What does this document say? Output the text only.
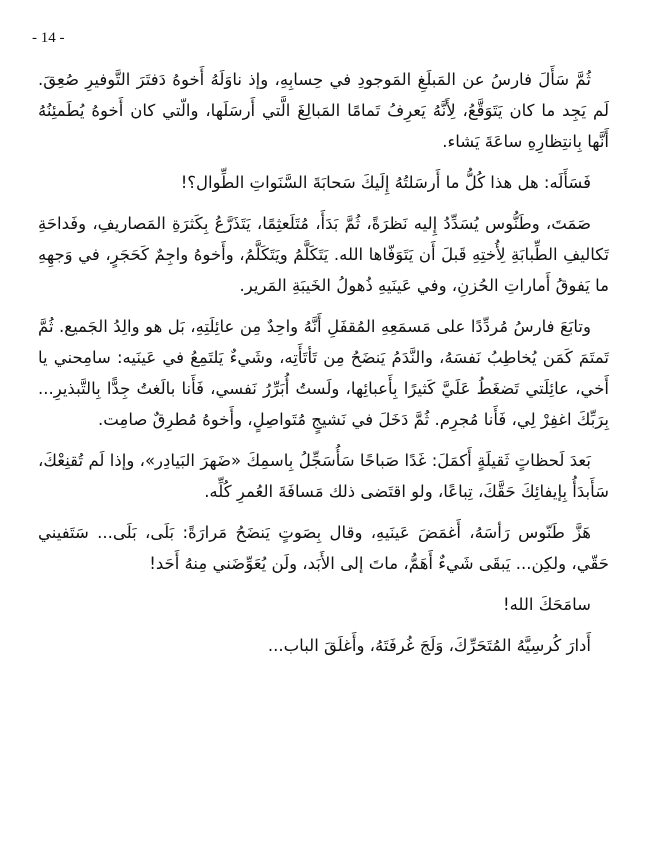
- 14 -

ثُمَّ سَأَلَ فارسُ عن المَبلَغِ المَوجودِ في حِسابِهِ، وإذ ناوَلَهُ أَخوهُ دَفتَرَ التَّوفيرِ صُعِقَ. لَم يَجِد ما كان يَتَوَقَّعُ، لِأَنَّهُ يَعرِفُ تَمامًا المَبالِغَ الَّتي أَرسَلَها، والّتي كان أَخوهُ يُطَمئِنُهُ أَنَّها بِانتِظارِهِ ساعَةَ يَشاء.

فَسَأَلَه: هل هذا كُلُّ ما أَرسَلتُهُ إِلَيكَ سَحابَةَ السَّنَواتِ الطِّوال؟!

صَمَتَ، وطَنُّوس يُسَدِّدُ إِليه نَظرَةً، ثُمَّ بَدَأَ، مُتَلَعثِمًا، يَتَذَرَّعُ بِكَثرَةِ المَصاريفِ، وفَداحَةِ تَكاليفِ الطِّبابَةِ لِأُختِهِ قَبلَ أَن يَتَوَفّاها الله. يَتَكَلَّمُ ويَتَكَلَّمُ، وأَخوهُ واجِمٌ كَحَجَرٍ، في وَجهِهِ ما يَفوقُ أَماراتِ الحُزنِ، وفي عَينَيهِ ذُهولُ الخَيبَةِ المَرير.

وتابَعَ فارسُ مُردِّدًا على مَسمَعِهِ المُقفَلِ أَنَّهُ واحِدٌ مِن عائِلَتِهِ، بَل هو والِدُ الجَميع. ثُمَّ تَمتَمَ كَمَن يُخاطِبُ نَفسَهُ، والنَّدَمُ يَنضَحُ مِن تَأتَأَتِه، وشَيءٌ يَلتَمِعُ في عَينَيه: سامِحني يا أَخي، عائِلَتي تَضغَطُ عَلَيَّ كَثيرًا بِأَعبائِها، ولَستُ أُبَرِّرُ نَفسي، فَأَنا بالَغتُ جِدًّا بِالتَّبذيرِ... بِرَبِّكَ اغفِرْ لِي، فَأَنا مُجرِم. ثُمَّ دَخَلَ في نَشيجٍ مُتَواصِلٍ، وأَخوهُ مُطرِقٌ صامِت.

بَعدَ لَحظاتٍ ثَقيلَةٍ أَكمَلَ: غَدًا صَباحًا سَأُسَجِّلُ بِاسمِكَ «ضَهرَ البَيادِر»، وإذا لَم تُقنِعْكَ، سَأَبدَأُ بِإيفائِكَ حَقَّكَ، تِباعًا، ولو اقتَضى ذلك مَسافَةَ العُمرِ كُلِّه.

هَزَّ طَنّوس رَأسَهُ، أَغمَضَ عَينَيهِ، وقال بِصَوتٍ يَنضَحُ مَرارَةً: بَلَى، بَلَى... سَتَفيني حَقّي، ولكِن... يَبقَى شَيءٌ أَهَمُّ، ماتَ إلى الأَبَد، ولَن يُعَوِّضَني مِنهُ أَحَد!

سامَحَكَ الله!

أَدارَ كُرسِيَّهُ المُتَحَرِّكَ، وَلَجَ غُرفَتَهُ، وأَغلَقَ الباب...
